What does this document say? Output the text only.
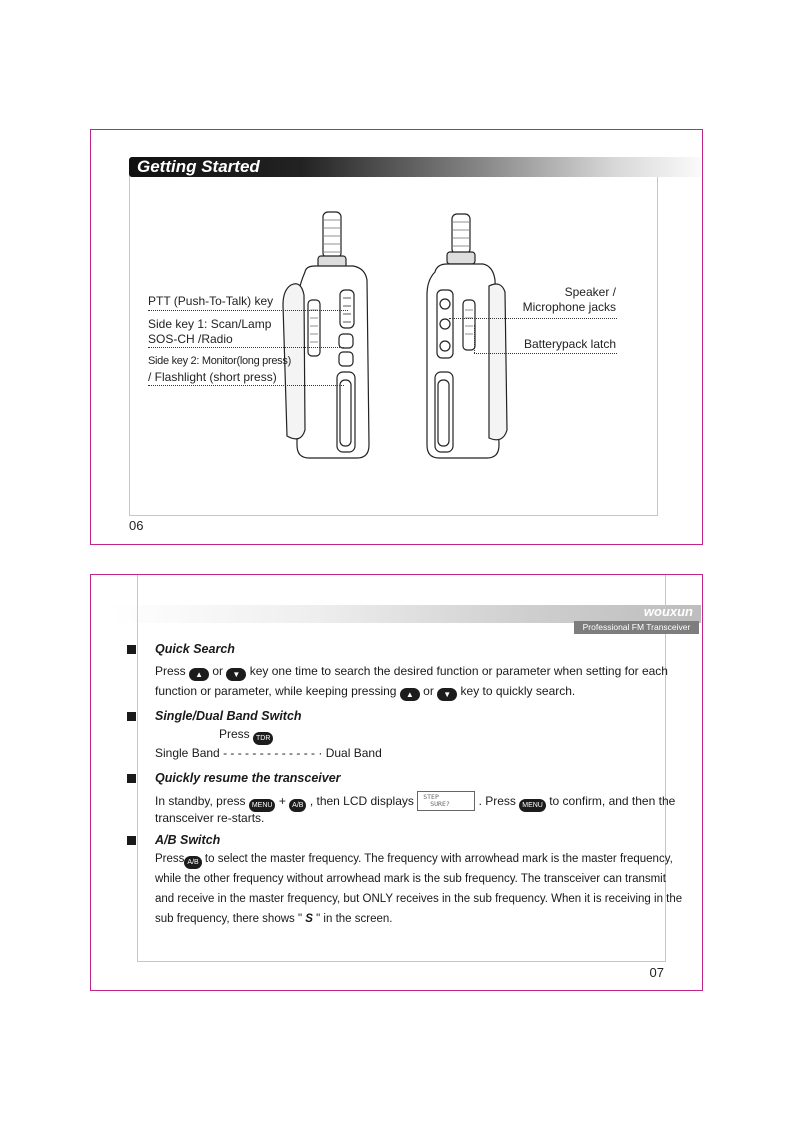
Getting Started
PTT (Push-To-Talk) key
Side key 1: Scan/Lamp
SOS-CH /Radio
Side key 2: Monitor(long press)
/ Flashlight (short press)
Speaker /
Microphone jacks
Batterypack latch
06
wouxun
Professional FM Transceiver
Quick Search
Press ▲ or ▼ key one time to search the desired function or parameter when setting for each
function or parameter, while keeping pressing ▲ or ▼ key to quickly search.
Single/Dual Band Switch
Press TDR
Single Band - - - - - - - - - - - - - · Dual Band
Quickly resume the transceiver
In standby, press MENU + A/B , then LCD displays STEP
SURE? . Press MENU to confirm, and then the
transceiver re-starts.
A/B Switch
Press A/B to select the master frequency. The frequency with arrowhead mark is the master frequency,
while the other frequency without arrowhead mark is the sub frequency. The transceiver can transmit
and receive in the master frequency, but ONLY receives in the sub frequency. When it is receiving in the
sub frequency, there shows " S " in the screen.
07
